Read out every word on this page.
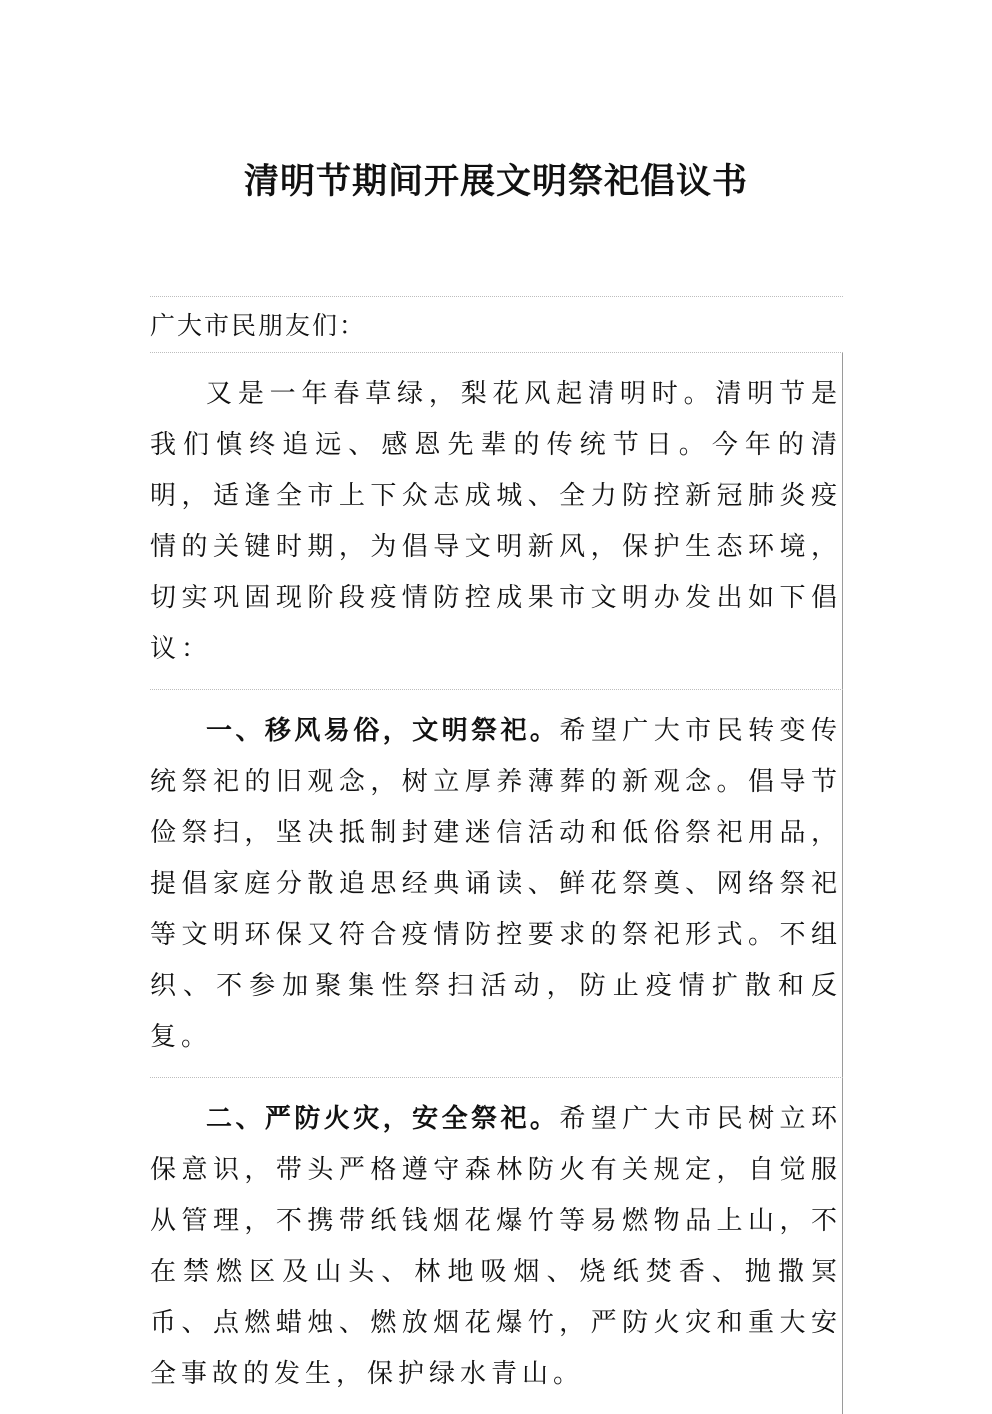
清明节期间开展文明祭祀倡议书
广大市民朋友们：
又是一年春草绿，梨花风起清明时。清明节是我们慎终追远、感恩先辈的传统节日。今年的清明，适逢全市上下众志成城、全力防控新冠肺炎疫情的关键时期，为倡导文明新风，保护生态环境，切实巩固现阶段疫情防控成果市文明办发出如下倡议：
一、移风易俗，文明祭祀。希望广大市民转变传统祭祀的旧观念，树立厚养薄葬的新观念。倡导节俭祭扫，坚决抵制封建迷信活动和低俗祭祀用品，提倡家庭分散追思经典诵读、鲜花祭奠、网络祭祀等文明环保又符合疫情防控要求的祭祀形式。不组织、不参加聚集性祭扫活动，防止疫情扩散和反复。
二、严防火灾，安全祭祀。希望广大市民树立环保意识，带头严格遵守森林防火有关规定，自觉服从管理，不携带纸钱烟花爆竹等易燃物品上山，不在禁燃区及山头、林地吸烟、烧纸焚香、抛撒冥币、点燃蜡烛、燃放烟花爆竹，严防火灾和重大安全事故的发生，保护绿水青山。
